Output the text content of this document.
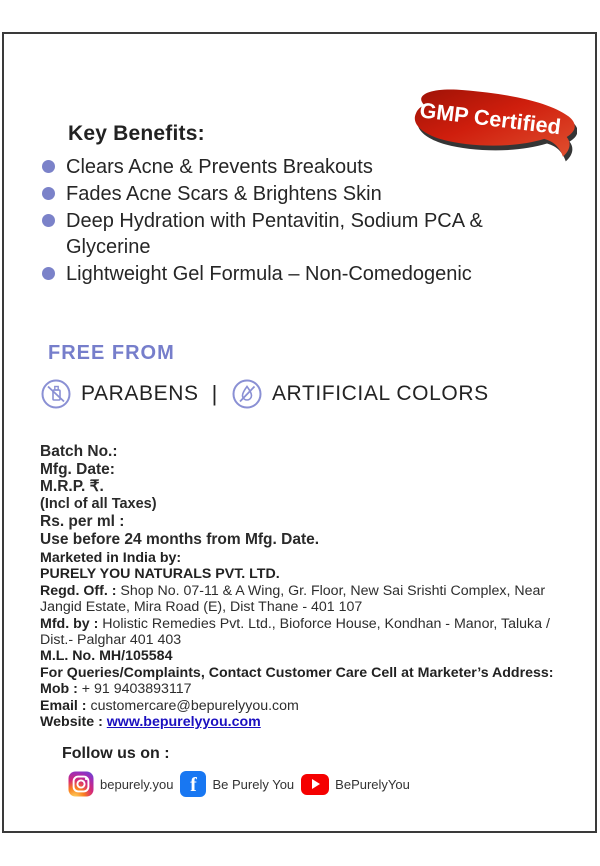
GMP Certified
Key Benefits:
Clears Acne & Prevents Breakouts
Fades Acne Scars & Brightens Skin
Deep Hydration with Pentavitin, Sodium PCA & Glycerine
Lightweight Gel Formula – Non-Comedogenic
FREE FROM
PARABENS |	ARTIFICIAL COLORS
Batch No.:
Mfg. Date:
M.R.P. ₹.
(Incl of all Taxes)
Rs. per ml :
Use before 24 months from Mfg. Date.
Marketed in India by:
PURELY YOU NATURALS PVT. LTD.
Regd. Off. : Shop No. 07-11 & A Wing, Gr. Floor, New Sai Srishti Complex, Near Jangid Estate, Mira Road (E), Dist Thane - 401 107
Mfd. by : Holistic Remedies Pvt. Ltd., Bioforce House, Kondhan - Manor, Taluka / Dist.- Palghar 401 403
M.L. No. MH/105584
For Queries/Complaints, Contact Customer Care Cell at Marketer’s Address:
Mob : + 91 9403893117
Email : customercare@bepurelyyou.com
Website : www.bepurelyyou.com
Follow us on :
bepurely.you f	Be Purely You	BePurelyYou
